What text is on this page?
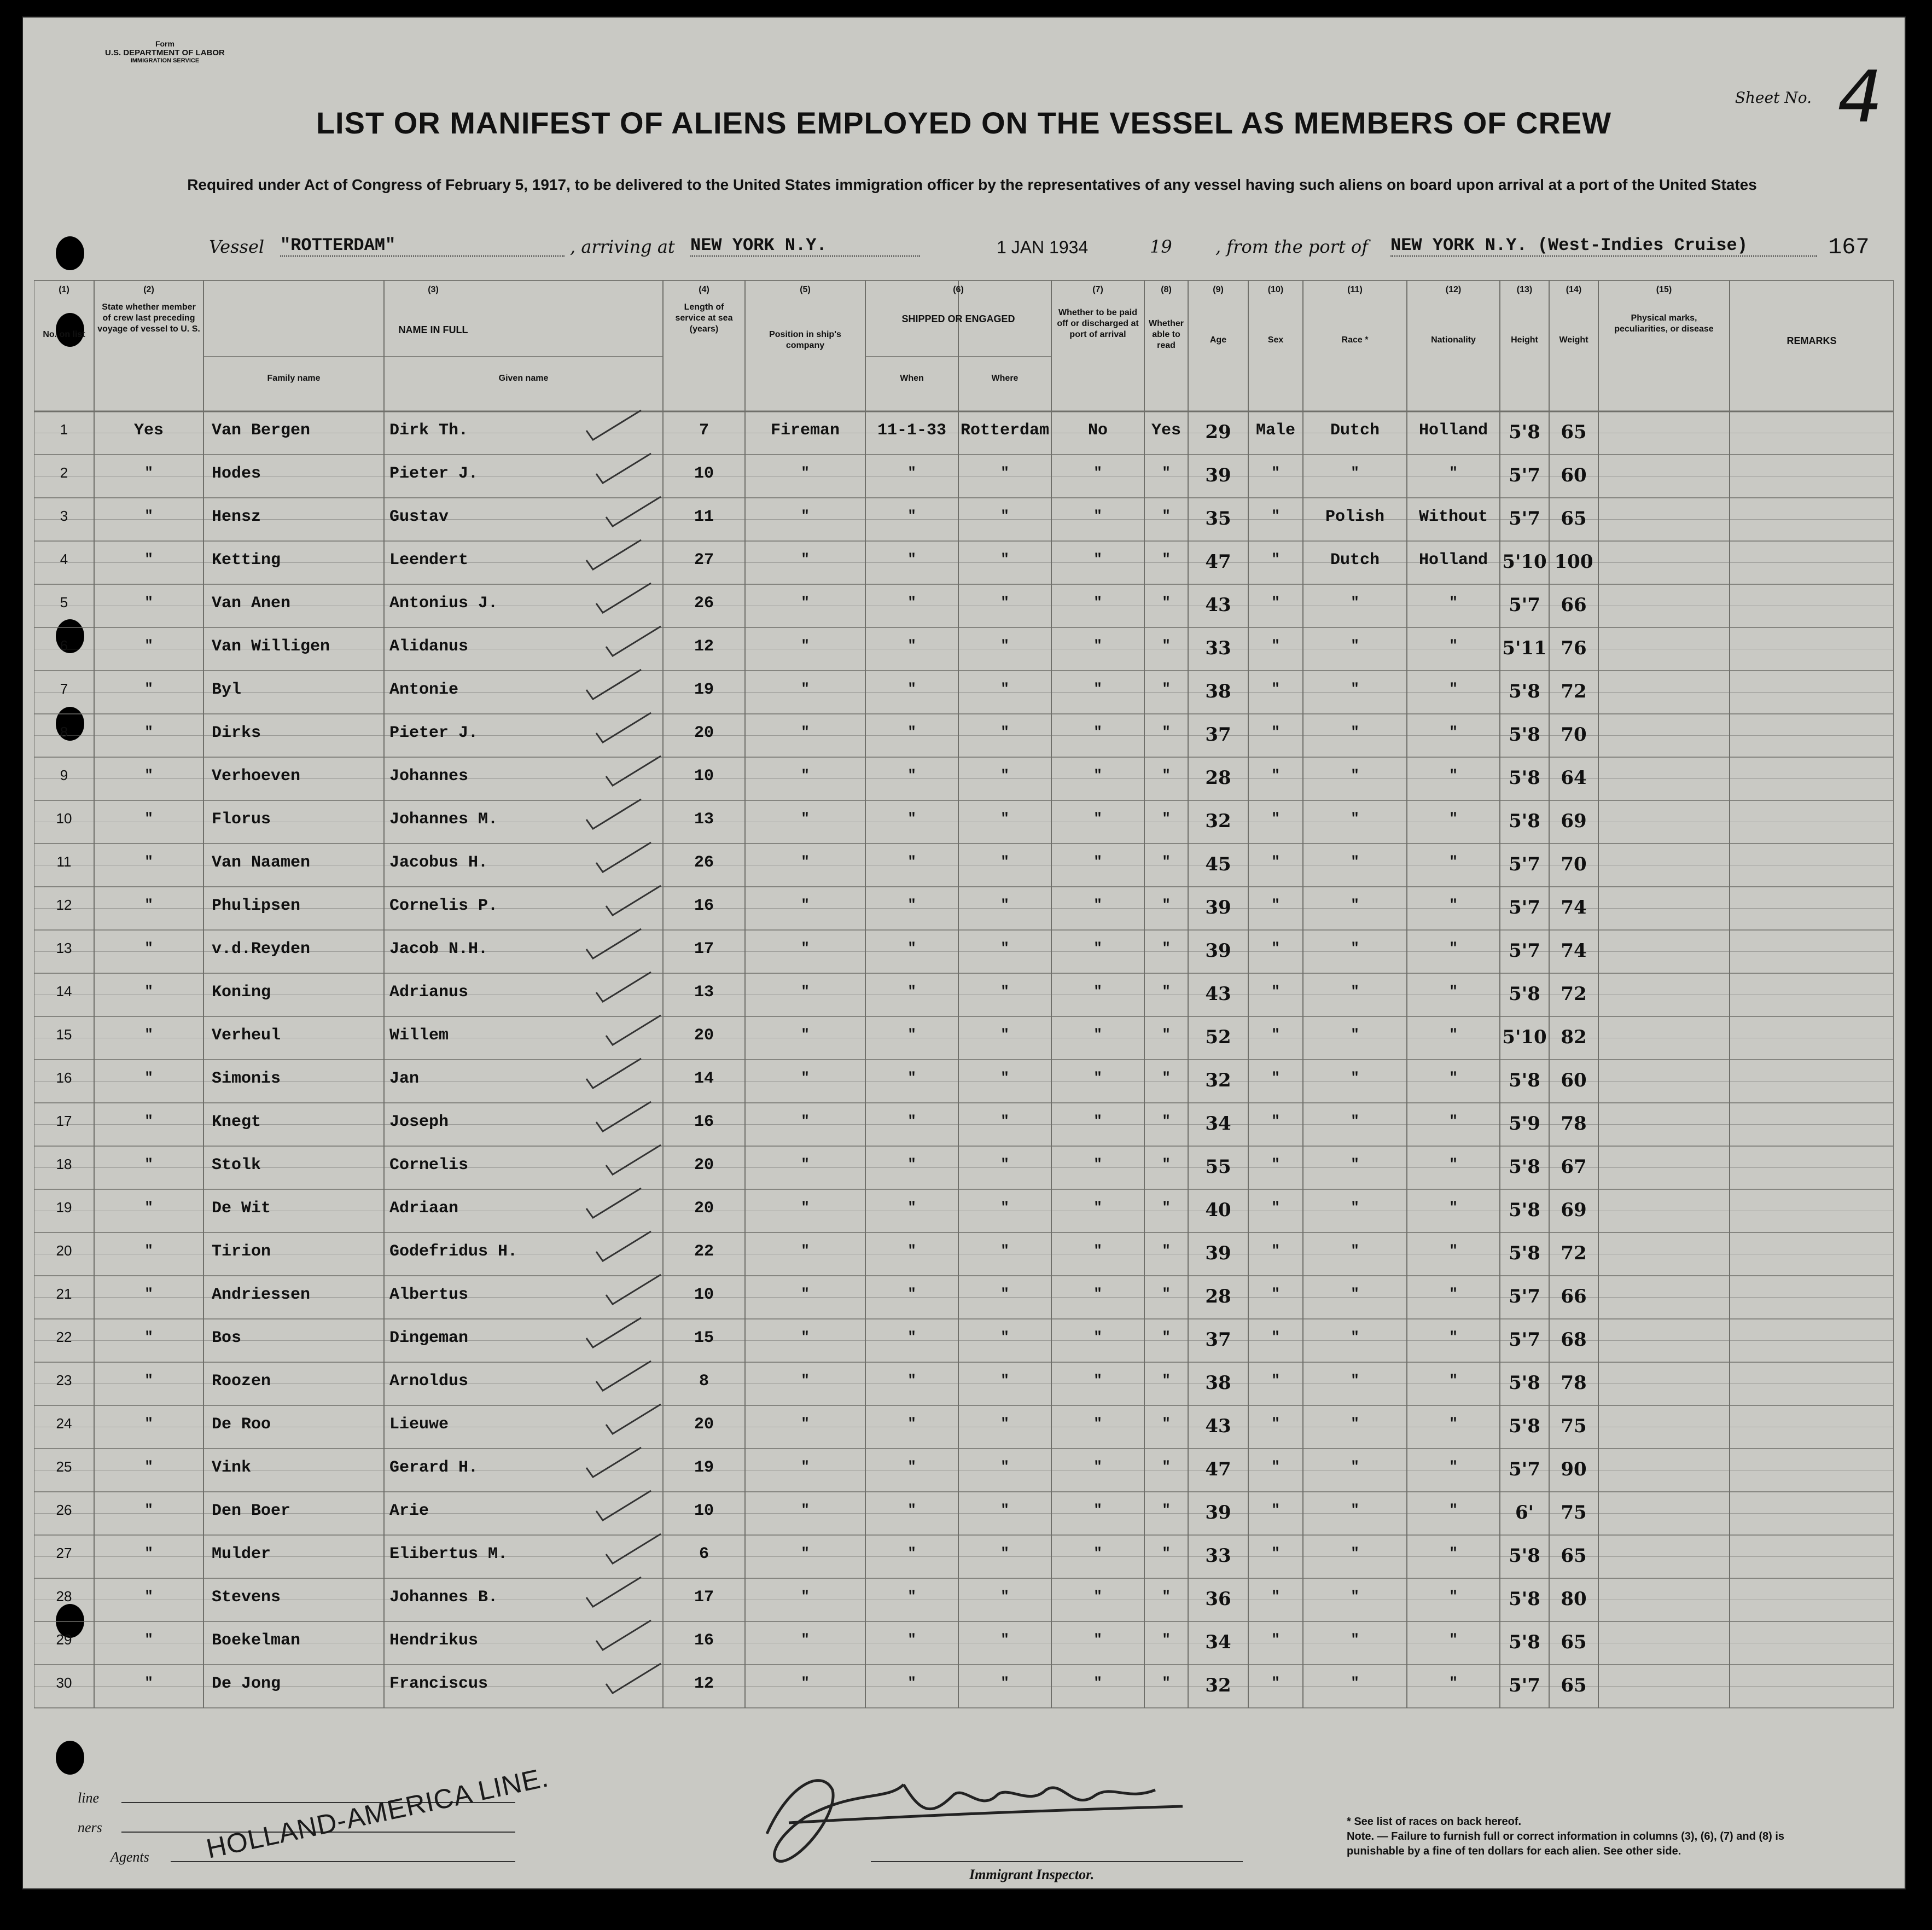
Form
U.S. DEPARTMENT OF LABOR
IMMIGRATION SERVICE
Sheet No. 4
LIST OR MANIFEST OF ALIENS EMPLOYED ON THE VESSEL AS MEMBERS OF CREW
Required under Act of Congress of February 5, 1917, to be delivered to the United States immigration officer by the representatives of any vessel having such aliens on board upon arrival at a port of the United States
Vessel "ROTTERDAM"	, arriving at NEW YORK N.Y.	1 JAN 1934	19 , from the port of NEW YORK N.Y. (West-Indies Cruise)	167
(1)
No. on list
(2)
State whether member of crew last preceding voyage of vessel to U. S.
(3)
NAME IN FULL
Family name	Given name
(4)
Length of service at sea (years)
(5)
Position in ship's company
(6)
SHIPPED OR ENGAGED
When	Where
(7)
Whether to be paid off or discharged at port of arrival
(8)
Whether able to read
(9)
Age
(10)
Sex
(11)
Race *
(12)
Nationality
(13)
Height
(14)
Weight
(15)
Physical marks, peculiarities, or disease
REMARKS
1	Yes	Van Bergen	Dirk Th.	7	Fireman	11-1-33 Rotterdam	No	Yes	29	Male	Dutch	Holland	5'8	65
2	"	Hodes	Pieter J.	10	"	"	"	"	"	39	"	"	"	5'7	60
3	"	Hensz	Gustav	11	"	"	"	"	"	35	"	Polish	Without	5'7	65
4	"	Ketting	Leendert	27	"	"	"	"	"	47	"	Dutch	Holland 5'10 100
5	"	Van Anen	Antonius J.	26	"	"	"	"	"	43	"	"	"	5'7	66
6	"	Van Willigen	Alidanus	12	"	"	"	"	"	33	"	"	"	5'11 76
7	"	Byl	Antonie	19	"	"	"	"	"	38	"	"	"	5'8	72
8	"	Dirks	Pieter J.	20	"	"	"	"	"	37	"	"	"	5'8	70
9	"	Verhoeven	Johannes	10	"	"	"	"	"	28	"	"	"	5'8	64
10	"	Florus	Johannes M.	13	"	"	"	"	"	32	"	"	"	5'8	69
11	"	Van Naamen	Jacobus H.	26	"	"	"	"	"	45	"	"	"	5'7	70
12	"	Phulipsen	Cornelis P.	16	"	"	"	"	"	39	"	"	"	5'7	74
13	"	v.d.Reyden	Jacob N.H.	17	"	"	"	"	"	39	"	"	"	5'7	74
14	"	Koning	Adrianus	13	"	"	"	"	"	43	"	"	"	5'8	72
15	"	Verheul	Willem	20	"	"	"	"	"	52	"	"	"	5'10 82
16	"	Simonis	Jan	14	"	"	"	"	"	32	"	"	"	5'8	60
17	"	Knegt	Joseph	16	"	"	"	"	"	34	"	"	"	5'9	78
18	"	Stolk	Cornelis	20	"	"	"	"	"	55	"	"	"	5'8	67
19	"	De Wit	Adriaan	20	"	"	"	"	"	40	"	"	"	5'8	69
20	"	Tirion	Godefridus H.	22	"	"	"	"	"	39	"	"	"	5'8	72
21	"	Andriessen	Albertus	10	"	"	"	"	"	28	"	"	"	5'7	66
22	"	Bos	Dingeman	15	"	"	"	"	"	37	"	"	"	5'7	68
23	"	Roozen	Arnoldus	8	"	"	"	"	"	38	"	"	"	5'8	78
24	"	De Roo	Lieuwe	20	"	"	"	"	"	43	"	"	"	5'8	75
25	"	Vink	Gerard H.	19	"	"	"	"	"	47	"	"	"	5'7	90
26	"	Den Boer	Arie	10	"	"	"	"	"	39	"	"	"	6'	75
27	"	Mulder	Elibertus M.	6	"	"	"	"	"	33	"	"	"	5'8	65
28	"	Stevens	Johannes B.	17	"	"	"	"	"	36	"	"	"	5'8	80
29	"	Boekelman	Hendrikus	16	"	"	"	"	"	34	"	"	"	5'8	65
30	"	De Jong	Franciscus	12	"	"	"	"	"	32	"	"	"	5'7	65
line
ners
Agents HOLLAND-AMERICA LINE.
Immigrant Inspector.
* See list of races on back hereof.
Note. — Failure to furnish full or correct information in columns (3), (6), (7) and (8) is punishable by a fine of ten dollars for each alien. See other side.
